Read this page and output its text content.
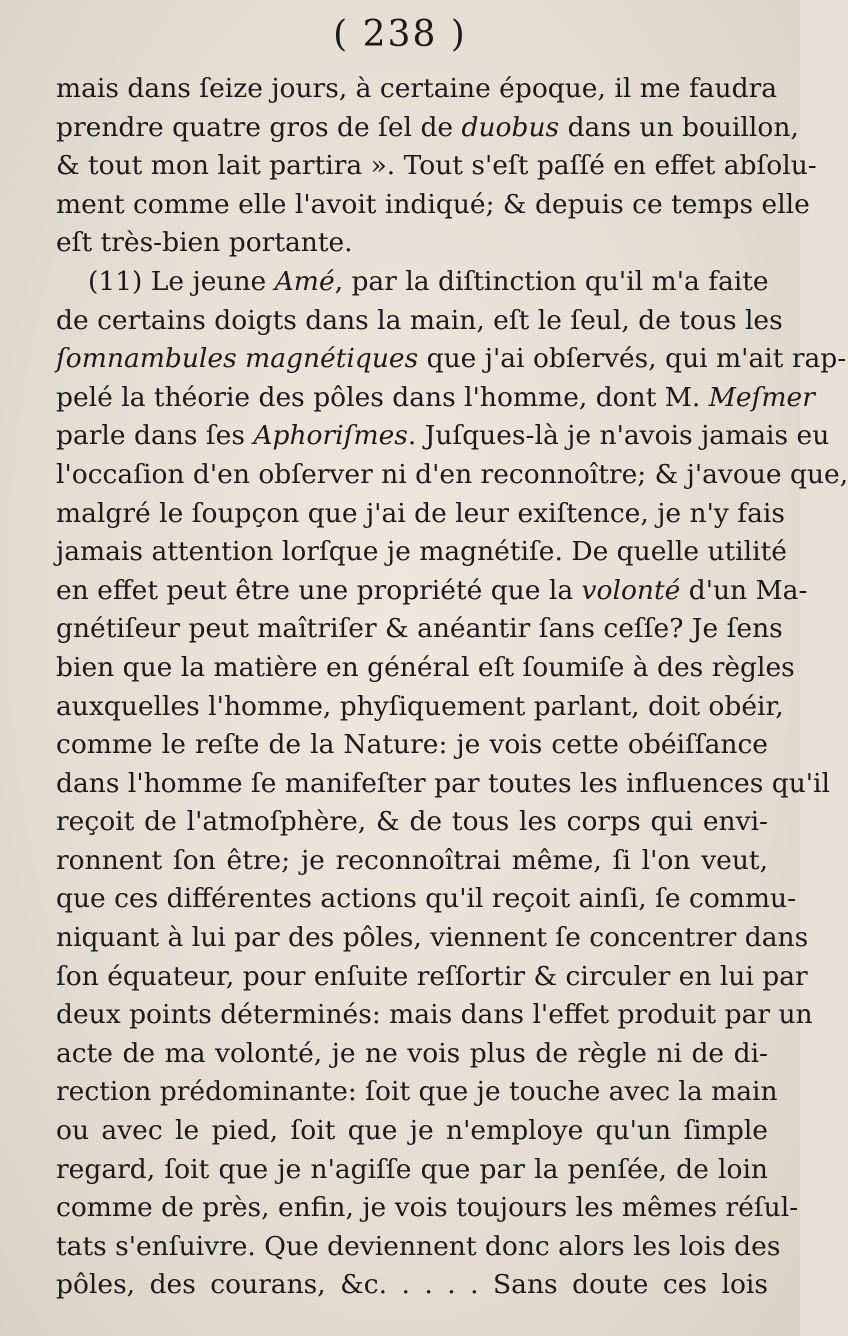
( 238 )
mais dans ſeize jours, à certaine époque, il me faudra
prendre quatre gros de ſel de duobus dans un bouillon,
& tout mon lait partira ». Tout s'eſt paſſé en effet abſolu-
ment comme elle l'avoit indiqué; & depuis ce temps elle
eſt très-bien portante.
(11) Le jeune Amé, par la diſtinction qu'il m'a faite
de certains doigts dans la main, eſt le ſeul, de tous les
ſomnambules magnétiques que j'ai obſervés, qui m'ait rap-
pelé la théorie des pôles dans l'homme, dont M. Meſmer
parle dans ſes Aphoriſmes. Juſques-là je n'avois jamais eu
l'occaſion d'en obſerver ni d'en reconnoître; & j'avoue que,
malgré le ſoupçon que j'ai de leur exiſtence, je n'y fais
jamais attention lorſque je magnétiſe. De quelle utilité
en effet peut être une propriété que la volonté d'un Ma-
gnétiſeur peut maîtriſer & anéantir ſans ceſſe? Je ſens
bien que la matière en général eſt ſoumiſe à des règles
auxquelles l'homme, phyſiquement parlant, doit obéir,
comme le reſte de la Nature: je vois cette obéiſſance
dans l'homme ſe manifeſter par toutes les influences qu'il
reçoit de l'atmoſphère, & de tous les corps qui envi-
ronnent ſon être; je reconnoîtrai même, ſi l'on veut,
que ces différentes actions qu'il reçoit ainſi, ſe commu-
niquant à lui par des pôles, viennent ſe concentrer dans
ſon équateur, pour enſuite reſſortir & circuler en lui par
deux points déterminés: mais dans l'effet produit par un
acte de ma volonté, je ne vois plus de règle ni de di-
rection prédominante: ſoit que je touche avec la main
ou avec le pied, ſoit que je n'employe qu'un ſimple
regard, ſoit que je n'agiſſe que par la penſée, de loin
comme de près, enfin, je vois toujours les mêmes réſul-
tats s'enſuivre. Que deviennent donc alors les lois des
pôles, des courans, &c. . . . . Sans doute ces lois
